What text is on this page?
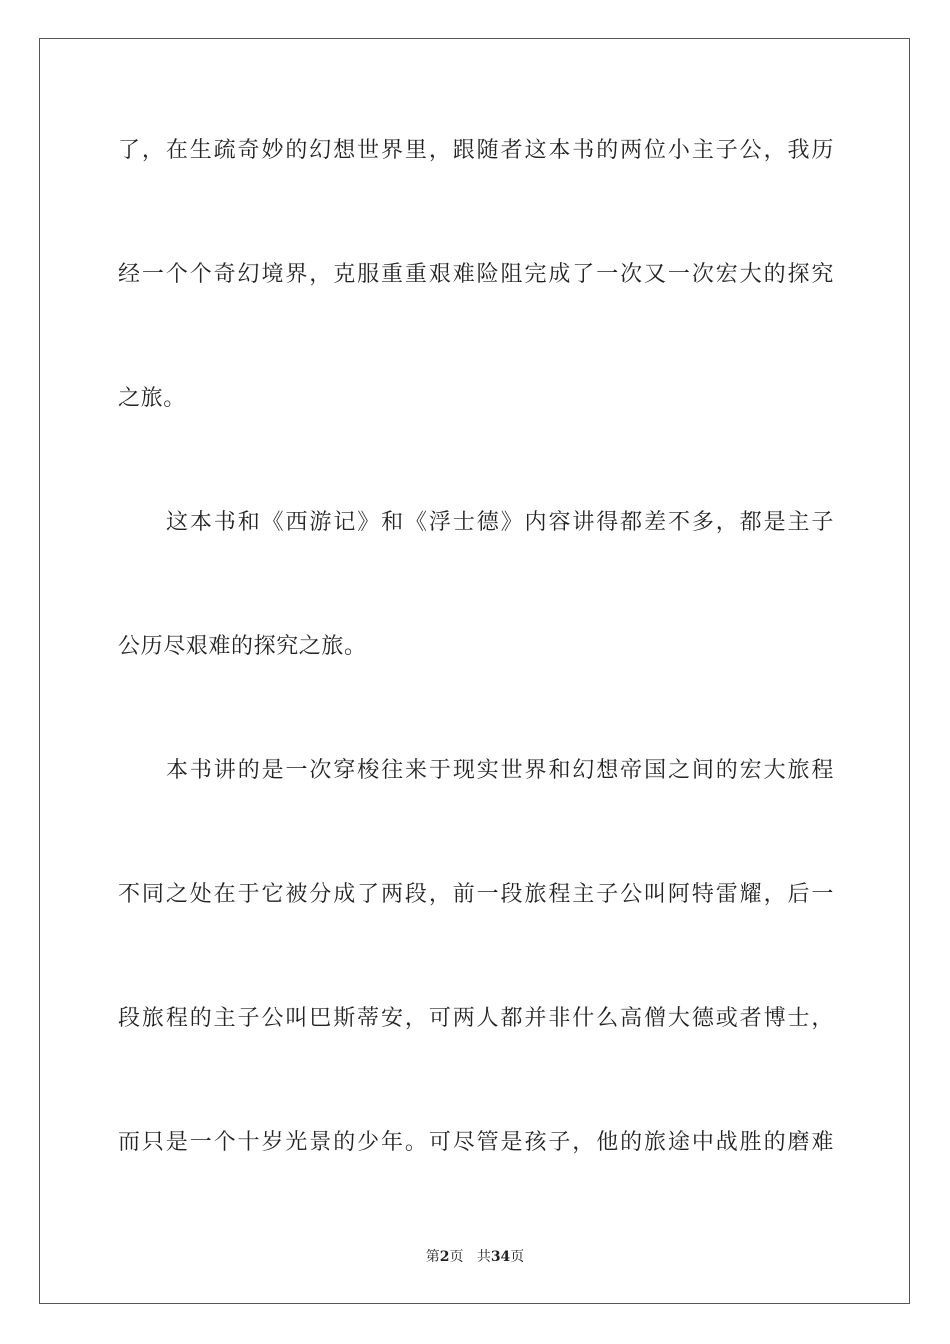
了，在生疏奇妙的幻想世界里，跟随者这本书的两位小主子公，我历
经一个个奇幻境界，克服重重艰难险阻完成了一次又一次宏大的探究
之旅。
这本书和《西游记》和《浮士德》内容讲得都差不多，都是主子
公历尽艰难的探究之旅。
本书讲的是一次穿梭往来于现实世界和幻想帝国之间的宏大旅程
不同之处在于它被分成了两段，前一段旅程主子公叫阿特雷耀，后一
段旅程的主子公叫巴斯蒂安，可两人都并非什么高僧大德或者博士，
而只是一个十岁光景的少年。可尽管是孩子，他的旅途中战胜的磨难
第2页 共34页
